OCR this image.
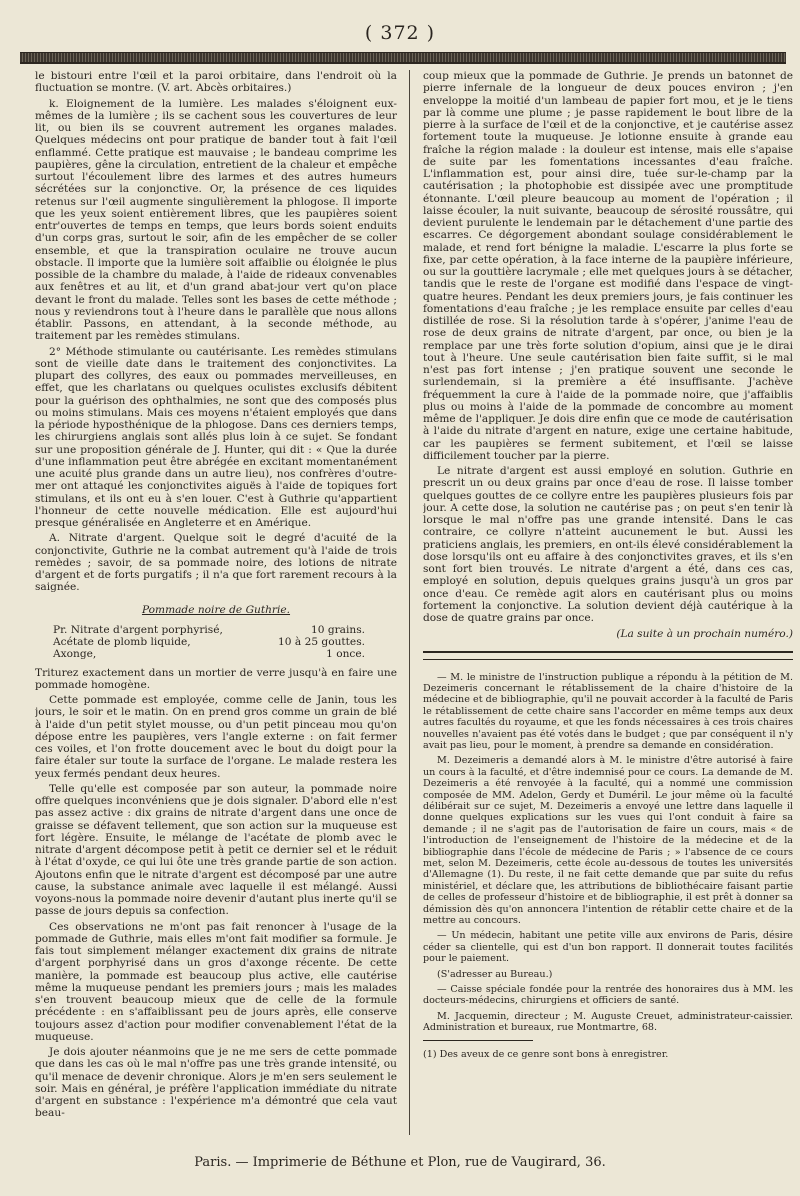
( 372 )

le bistouri entre l'œil et la paroi orbitaire, dans l'endroit où la fluctuation se montre. (V. art. Abcès orbitaires.)

k. Eloignement de la lumière. Les malades s'éloignent eux-mêmes de la lumière ; ils se cachent sous les couvertures de leur lit, ou bien ils se couvrent autrement les organes malades. Quelques médecins ont pour pratique de bander tout à fait l'œil enflammé. Cette pratique est mauvaise ; le bandeau comprime les paupières, gêne la circulation, entretient de la chaleur et empêche surtout l'écoulement libre des larmes et des autres humeurs sécrétées sur la conjonctive. Or, la présence de ces liquides retenus sur l'œil augmente singulièrement la phlogose. Il importe que les yeux soient entièrement libres, que les paupières soient entr'ouvertes de temps en temps, que leurs bords soient enduits d'un corps gras, surtout le soir, afin de les empêcher de se coller ensemble, et que la transpiration oculaire ne trouve aucun obstacle. Il importe que la lumière soit affaiblie ou éloignée le plus possible de la chambre du malade, à l'aide de rideaux convenables aux fenêtres et au lit, et d'un grand abat-jour vert qu'on place devant le front du malade. Telles sont les bases de cette méthode ; nous y reviendrons tout à l'heure dans le parallèle que nous allons établir. Passons, en attendant, à la seconde méthode, au traitement par les remèdes stimulans.

2° Méthode stimulante ou cautérisante. Les remèdes stimulans sont de vieille date dans le traitement des conjonctivites. La plupart des collyres, des eaux ou pommades merveilleuses, en effet, que les charlatans ou quelques oculistes exclusifs débitent pour la guérison des ophthalmies, ne sont que des composés plus ou moins stimulans. Mais ces moyens n'étaient employés que dans la période hyposthénique de la phlogose. Dans ces derniers temps, les chirurgiens anglais sont allés plus loin à ce sujet. Se fondant sur une proposition générale de J. Hunter, qui dit : « Que la durée d'une inflammation peut être abrégée en excitant momentanément une acuité plus grande dans un autre lieu), nos confrères d'outre-mer ont attaqué les conjonctivites aiguës à l'aide de topiques fort stimulans, et ils ont eu à s'en louer. C'est à Guthrie qu'appartient l'honneur de cette nouvelle médication. Elle est aujourd'hui presque généralisée en Angleterre et en Amérique.

A. Nitrate d'argent. Quelque soit le degré d'acuité de la conjonctivite, Guthrie ne la combat autrement qu'à l'aide de trois remèdes ; savoir, de sa pommade noire, des lotions de nitrate d'argent et de forts purgatifs ; il n'a que fort rarement recours à la saignée.

Pommade noire de Guthrie.
Pr. Nitrate d'argent porphyrisé,	10 grains.
Acétate de plomb liquide,	10 à 25 gouttes.
Axonge,	1 once.

Triturez exactement dans un mortier de verre jusqu'à en faire une pommade homogène.

Cette pommade est employée, comme celle de Janin, tous les jours, le soir et le matin. On en prend gros comme un grain de blé à l'aide d'un petit stylet mousse, ou d'un petit pinceau mou qu'on dépose entre les paupières, vers l'angle externe : on fait fermer ces voiles, et l'on frotte doucement avec le bout du doigt pour la faire étaler sur toute la surface de l'organe. Le malade restera les yeux fermés pendant deux heures.

Telle qu'elle est composée par son auteur, la pommade noire offre quelques inconvéniens que je dois signaler. D'abord elle n'est pas assez active : dix grains de nitrate d'argent dans une once de graisse se défavent tellement, que son action sur la muqueuse est fort légère. Ensuite, le mélange de l'acétate de plomb avec le nitrate d'argent décompose petit à petit ce dernier sel et le réduit à l'état d'oxyde, ce qui lui ôte une très grande partie de son action. Ajoutons enfin que le nitrate d'argent est décomposé par une autre cause, la substance animale avec laquelle il est mélangé. Aussi voyons-nous la pommade noire devenir d'autant plus inerte qu'il se passe de jours depuis sa confection.

Ces observations ne m'ont pas fait renoncer à l'usage de la pommade de Guthrie, mais elles m'ont fait modifier sa formule. Je fais tout simplement mélanger exactement dix grains de nitrate d'argent porphyrisé dans un gros d'axonge récente. De cette manière, la pommade est beaucoup plus active, elle cautérise même la muqueuse pendant les premiers jours ; mais les malades s'en trouvent beaucoup mieux que de celle de la formule précédente : en s'affaiblissant peu de jours après, elle conserve toujours assez d'action pour modifier convenablement l'état de la muqueuse.

Je dois ajouter néanmoins que je ne me sers de cette pommade que dans les cas où le mal n'offre pas une très grande intensité, ou qu'il menace de devenir chronique. Alors je m'en sers seulement le soir. Mais en général, je préfère l'application immédiate du nitrate d'argent en substance : l'expérience m'a démontré que cela vaut beau-

coup mieux que la pommade de Guthrie. Je prends un batonnet de pierre infernale de la longueur de deux pouces environ ; j'en enveloppe la moitié d'un lambeau de papier fort mou, et je le tiens par là comme une plume ; je passe rapidement le bout libre de la pierre à la surface de l'œil et de la conjonctive, et je cautérise assez fortement toute la muqueuse. Je lotionne ensuite à grande eau fraîche la région malade : la douleur est intense, mais elle s'apaise de suite par les fomentations incessantes d'eau fraîche. L'inflammation est, pour ainsi dire, tuée sur-le-champ par la cautérisation ; la photophobie est dissipée avec une promptitude étonnante. L'œil pleure beaucoup au moment de l'opération ; il laisse écouler, la nuit suivante, beaucoup de sérosité roussâtre, qui devient purulente le lendemain par le détachement d'une partie des escarres. Ce dégorgement abondant soulage considérablement le malade, et rend fort bénigne la maladie. L'escarre la plus forte se fixe, par cette opération, à la face interne de la paupière inférieure, ou sur la gouttière lacrymale ; elle met quelques jours à se détacher, tandis que le reste de l'organe est modifié dans l'espace de vingt-quatre heures. Pendant les deux premiers jours, je fais continuer les fomentations d'eau fraîche ; je les remplace ensuite par celles d'eau distillée de rose. Si la résolution tarde à s'opérer, j'anime l'eau de rose de deux grains de nitrate d'argent, par once, ou bien je la remplace par une très forte solution d'opium, ainsi que je le dirai tout à l'heure. Une seule cautérisation bien faite suffit, si le mal n'est pas fort intense ; j'en pratique souvent une seconde le surlendemain, si la première a été insuffisante. J'achève fréquemment la cure à l'aide de la pommade noire, que j'affaiblis plus ou moins à l'aide de la pommade de concombre au moment même de l'appliquer. Je dois dire enfin que ce mode de cautérisation à l'aide du nitrate d'argent en nature, exige une certaine habitude, car les paupières se ferment subitement, et l'œil se laisse difficilement toucher par la pierre.

Le nitrate d'argent est aussi employé en solution. Guthrie en prescrit un ou deux grains par once d'eau de rose. Il laisse tomber quelques gouttes de ce collyre entre les paupières plusieurs fois par jour. A cette dose, la solution ne cautérise pas ; on peut s'en tenir là lorsque le mal n'offre pas une grande intensité. Dans le cas contraire, ce collyre n'atteint aucunement le but. Aussi les praticiens anglais, les premiers, en ont-ils élevé considérablement la dose lorsqu'ils ont eu affaire à des conjonctivites graves, et ils s'en sont fort bien trouvés. Le nitrate d'argent a été, dans ces cas, employé en solution, depuis quelques grains jusqu'à un gros par once d'eau. Ce remède agit alors en cautérisant plus ou moins fortement la conjonctive. La solution devient déjà cautérique à la dose de quatre grains par once.

(La suite à un prochain numéro.)

— M. le ministre de l'instruction publique a répondu à la pétition de M. Dezeimeris concernant le rétablissement de la chaire d'histoire de la médecine et de bibliographie, qu'il ne pouvait accorder à la faculté de Paris le rétablissement de cette chaire sans l'accorder en même temps aux deux autres facultés du royaume, et que les fonds nécessaires à ces trois chaires nouvelles n'avaient pas été votés dans le budget ; que par conséquent il n'y avait pas lieu, pour le moment, à prendre sa demande en considération.

M. Dezeimeris a demandé alors à M. le ministre d'être autorisé à faire un cours à la faculté, et d'être indemnisé pour ce cours. La demande de M. Dezeimeris a été renvoyée à la faculté, qui a nommé une commission composée de MM. Adelon, Gerdy et Duméril. Le jour même où la faculté délibérait sur ce sujet, M. Dezeimeris a envoyé une lettre dans laquelle il donne quelques explications sur les vues qui l'ont conduit à faire sa demande ; il ne s'agit pas de l'autorisation de faire un cours, mais « de l'introduction de l'enseignement de l'histoire de la médecine et de la bibliographie dans l'école de médecine de Paris ; » l'absence de ce cours met, selon M. Dezeimeris, cette école au-dessous de toutes les universités d'Allemagne (1). Du reste, il ne fait cette demande que par suite du refus ministériel, et déclare que, les attributions de bibliothécaire faisant partie de celles de professeur d'histoire et de bibliographie, il est prêt à donner sa démission dès qu'on annoncera l'intention de rétablir cette chaire et de la mettre au concours.

— Un médecin, habitant une petite ville aux environs de Paris, désire céder sa clientelle, qui est d'un bon rapport. Il donnerait toutes facilités pour le paiement.

(S'adresser au Bureau.)

— Caisse spéciale fondée pour la rentrée des honoraires dus à MM. les docteurs-médecins, chirurgiens et officiers de santé.

M. Jacquemin, directeur ; M. Auguste Creuet, administrateur-caissier. Administration et bureaux, rue Montmartre, 68.

(1) Des aveux de ce genre sont bons à enregistrer.
Paris. — Imprimerie de Béthune et Plon, rue de Vaugirard, 36.
